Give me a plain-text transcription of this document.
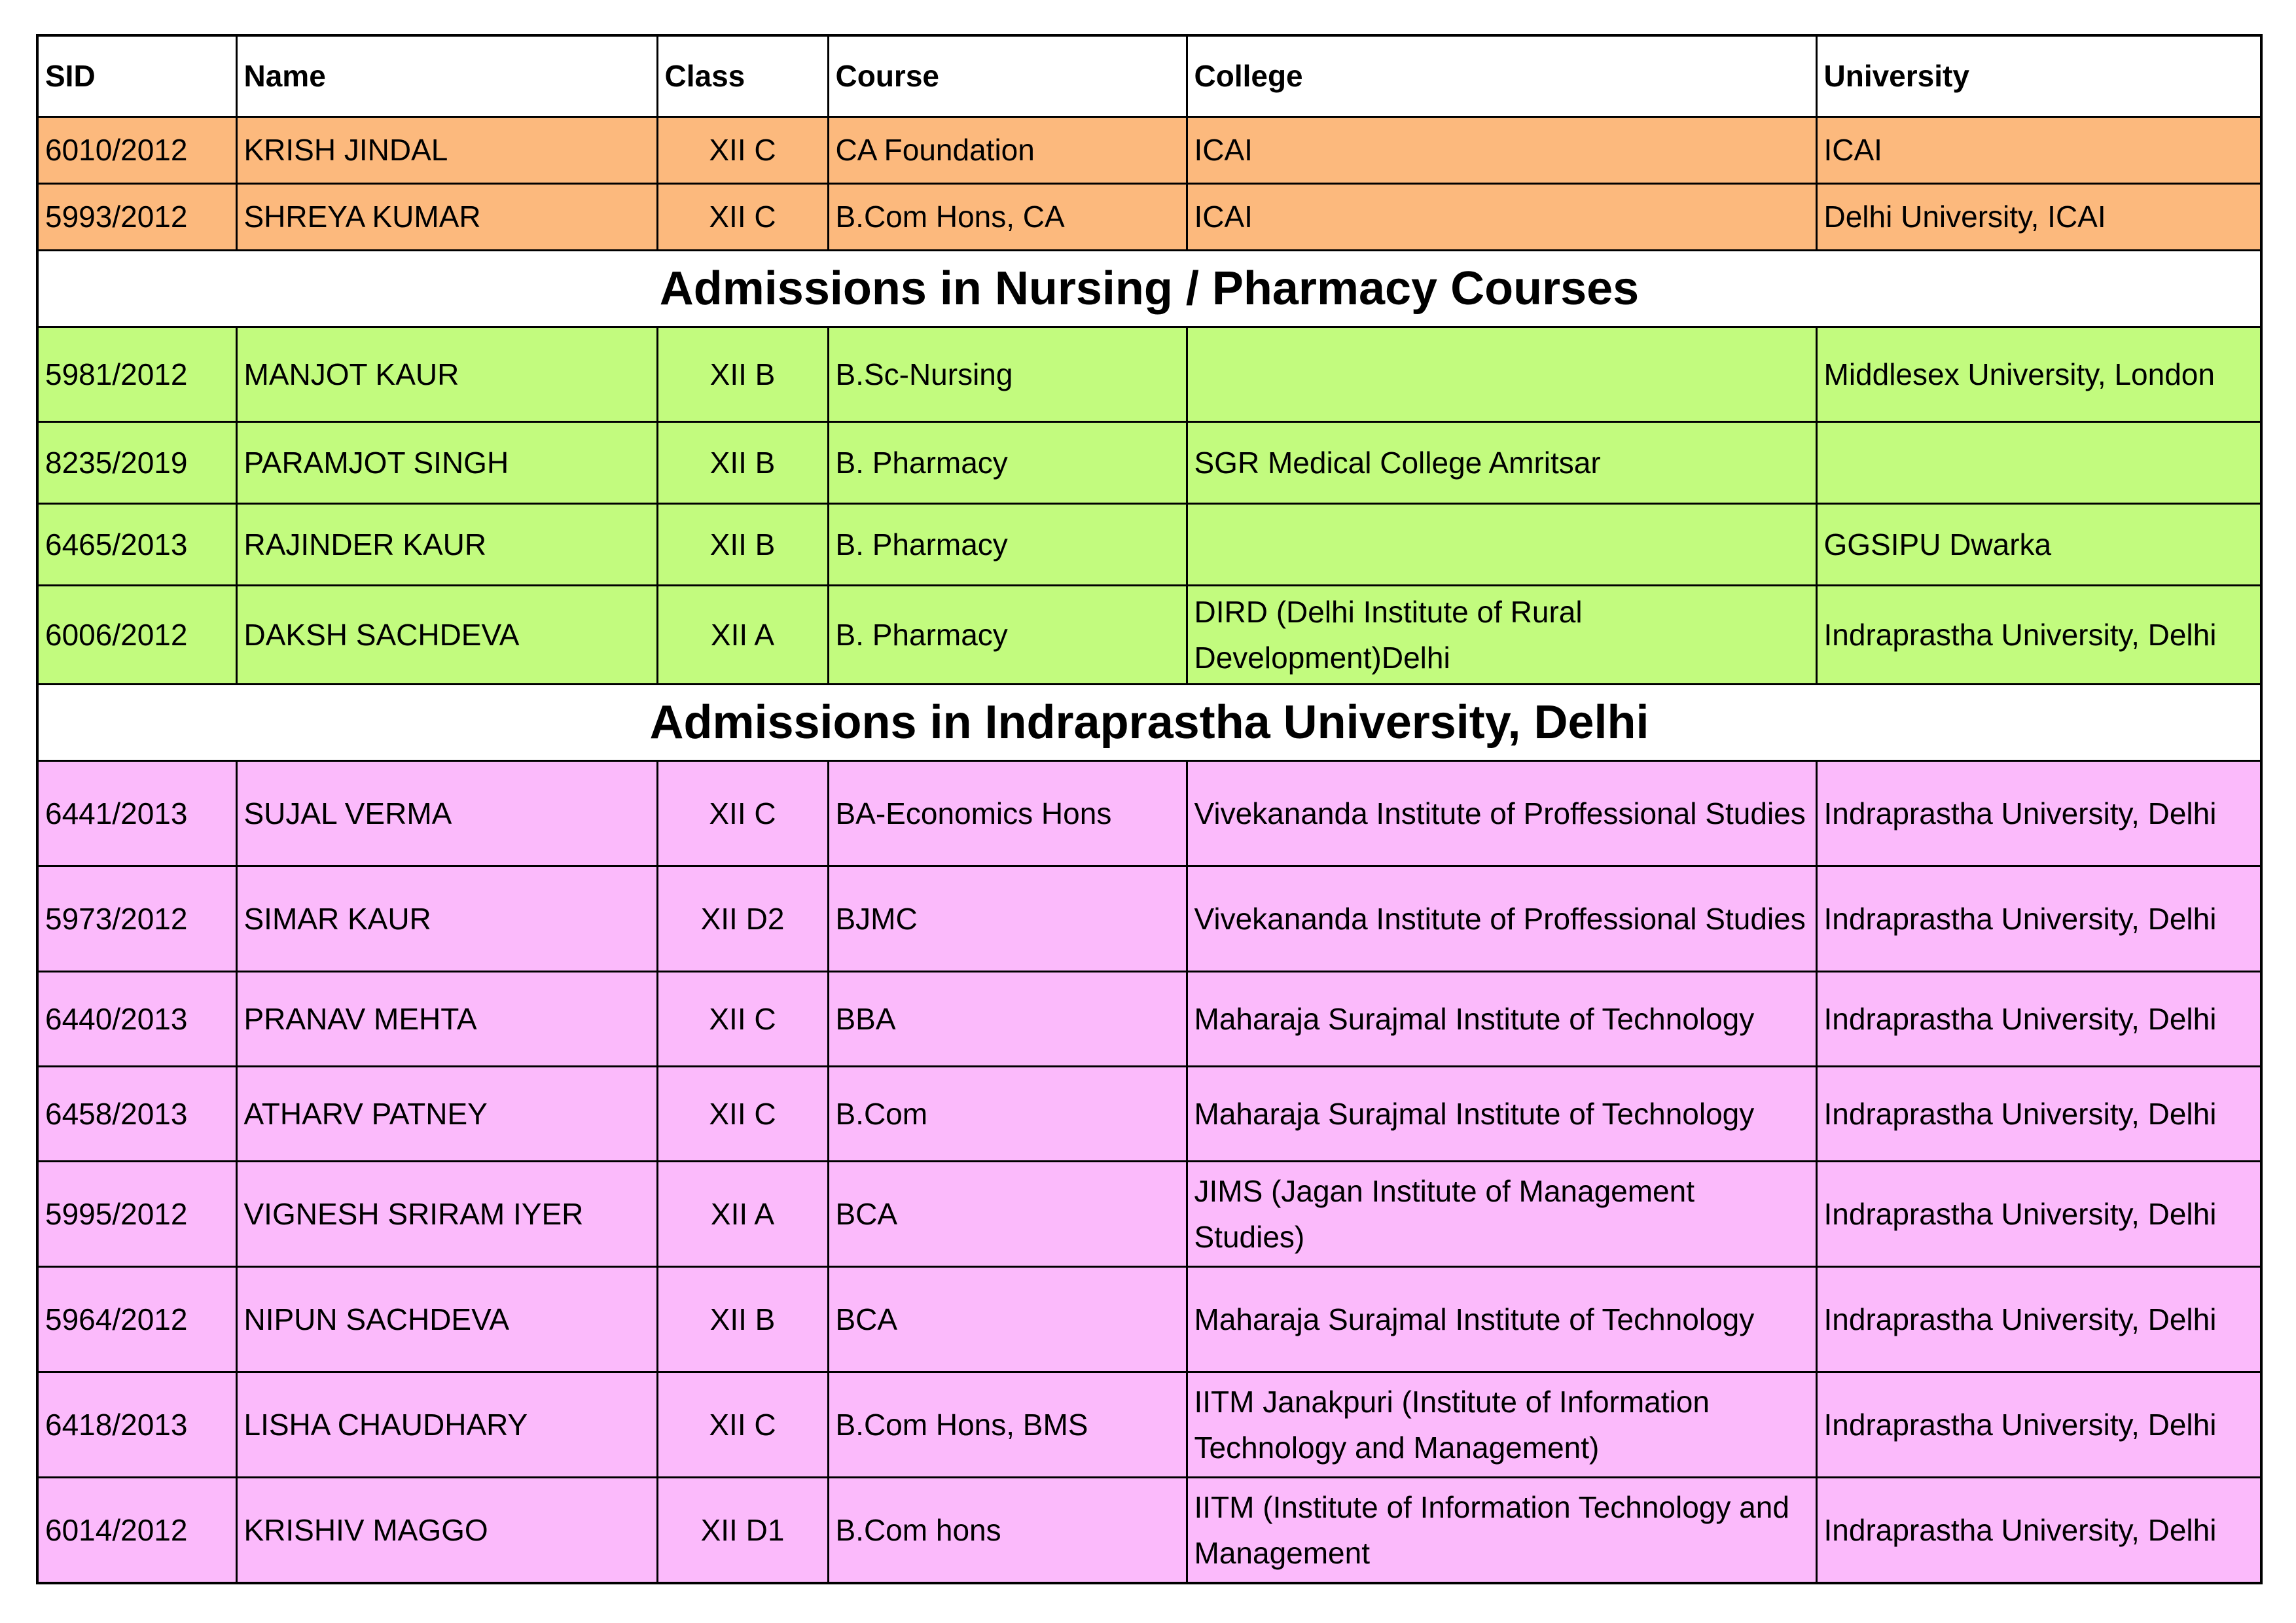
SID	Name	Class	Course	College	University
6010/2012	KRISH JINDAL	XII C	CA Foundation	ICAI	ICAI
5993/2012	SHREYA KUMAR	XII C	B.Com Hons, CA	ICAI	Delhi University, ICAI
Admissions in Nursing / Pharmacy Courses					
5981/2012	MANJOT KAUR	XII B	B.Sc-Nursing		Middlesex University, London
8235/2019	PARAMJOT SINGH	XII B	B. Pharmacy	SGR Medical College Amritsar	
6465/2013	RAJINDER KAUR	XII B	B. Pharmacy		GGSIPU Dwarka
6006/2012	DAKSH SACHDEVA	XII A	B. Pharmacy	DIRD (Delhi Institute of Rural Development)Delhi	Indraprastha University, Delhi
Admissions in Indraprastha University, Delhi					
6441/2013	SUJAL VERMA	XII C	BA-Economics Hons	Vivekananda Institute of Proffessional Studies	Indraprastha University, Delhi
5973/2012	SIMAR KAUR	XII D2	BJMC	Vivekananda Institute of Proffessional Studies	Indraprastha University, Delhi
6440/2013	PRANAV MEHTA	XII C	BBA	Maharaja Surajmal Institute of Technology	Indraprastha University, Delhi
6458/2013	ATHARV PATNEY	XII C	B.Com	Maharaja Surajmal Institute of Technology	Indraprastha University, Delhi
5995/2012	VIGNESH SRIRAM IYER	XII A	BCA	JIMS (Jagan Institute of Management Studies)	Indraprastha University, Delhi
5964/2012	NIPUN SACHDEVA	XII B	BCA	Maharaja Surajmal Institute of Technology	Indraprastha University, Delhi
6418/2013	LISHA CHAUDHARY	XII C	B.Com Hons, BMS	IITM Janakpuri (Institute of Information Technology and Management)	Indraprastha University, Delhi
6014/2012	KRISHIV MAGGO	XII D1	B.Com hons	IITM (Institute of Information Technology and Management	Indraprastha University, Delhi
